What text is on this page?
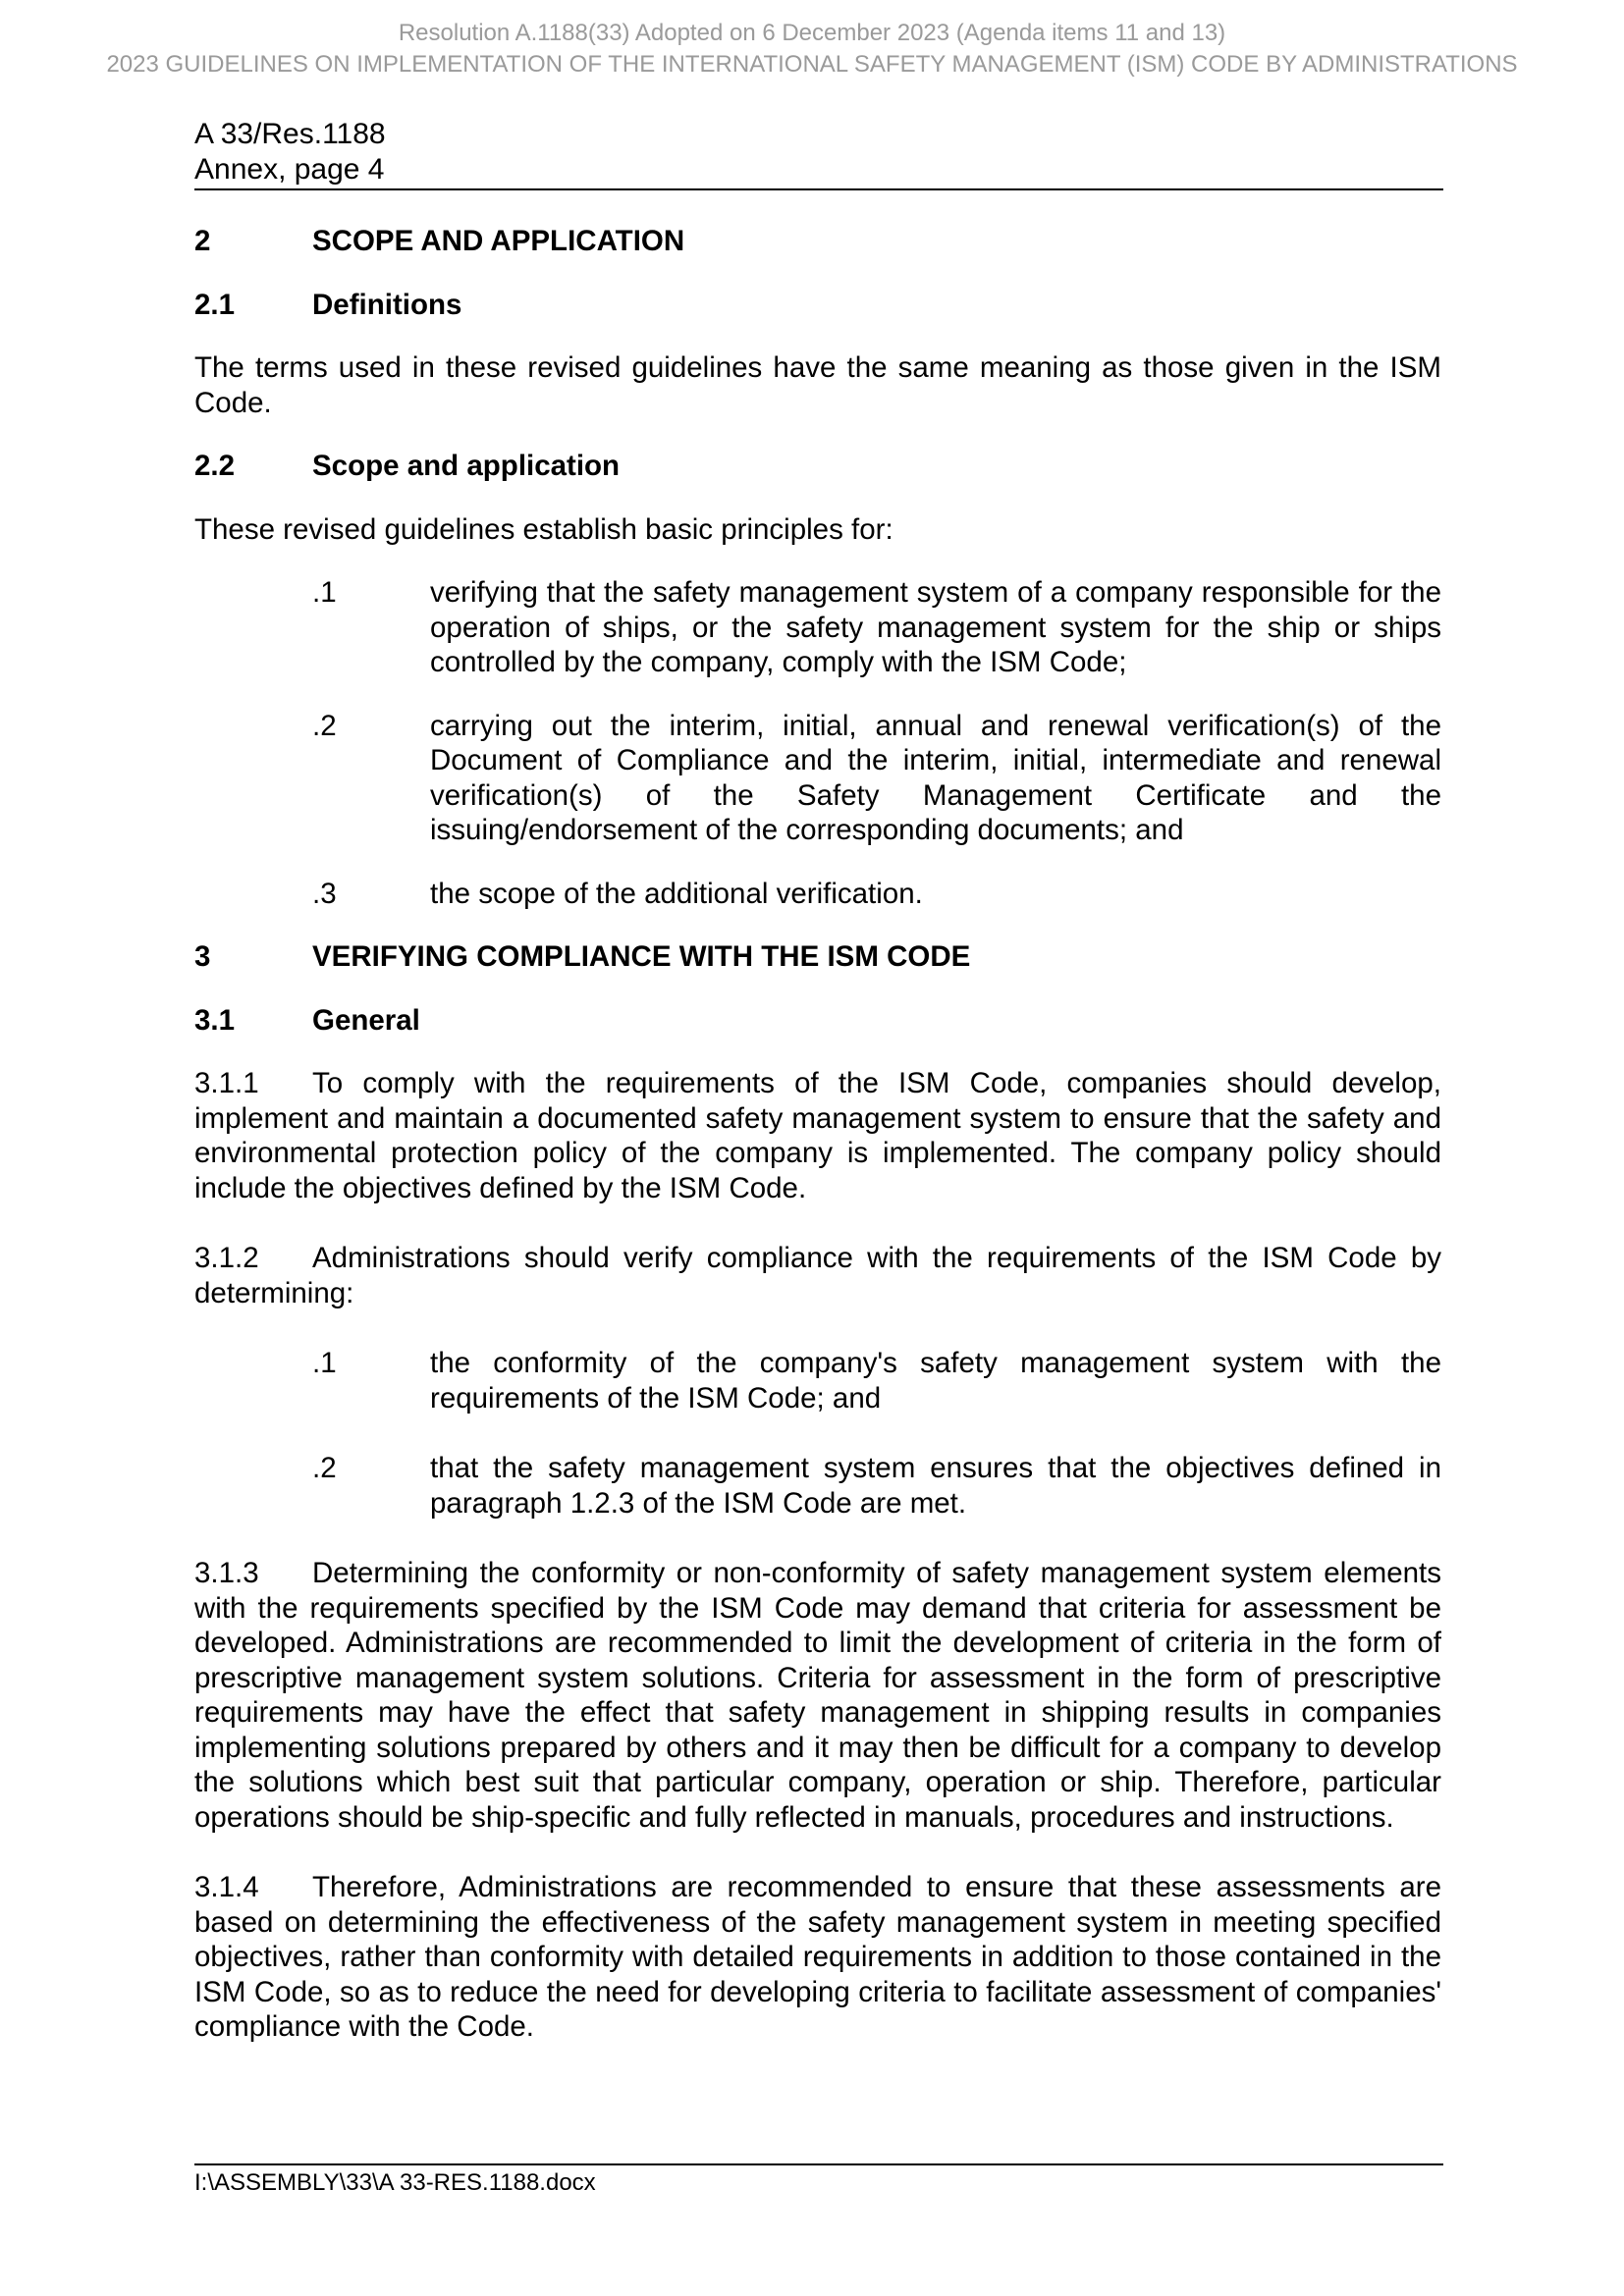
Resolution A.1188(33) Adopted on 6 December 2023 (Agenda items 11 and 13)
2023 GUIDELINES ON IMPLEMENTATION OF THE INTERNATIONAL SAFETY MANAGEMENT (ISM) CODE BY ADMINISTRATIONS
A 33/Res.1188
Annex, page 4
2	SCOPE AND APPLICATION
2.1	Definitions

The terms used in these revised guidelines have the same meaning as those given in the ISM Code.

2.2	Scope and application

These revised guidelines establish basic principles for:

.1	verifying that the safety management system of a company responsible for the operation of ships, or the safety management system for the ship or ships controlled by the company, comply with the ISM Code;
.2	carrying out the interim, initial, annual and renewal verification(s) of the Document of Compliance and the interim, initial, intermediate and renewal verification(s) of the Safety Management Certificate and the issuing/endorsement of the corresponding documents; and
.3	the scope of the additional verification.
3	VERIFYING COMPLIANCE WITH THE ISM CODE
3.1	General

3.1.1 To comply with the requirements of the ISM Code, companies should develop, implement and maintain a documented safety management system to ensure that the safety and environmental protection policy of the company is implemented. The company policy should include the objectives defined by the ISM Code.

3.1.2 Administrations should verify compliance with the requirements of the ISM Code by determining:

.1	the conformity of the company's safety management system with the requirements of the ISM Code; and
.2	that the safety management system ensures that the objectives defined in paragraph 1.2.3 of the ISM Code are met.

3.1.3 Determining the conformity or non-conformity of safety management system elements with the requirements specified by the ISM Code may demand that criteria for assessment be developed. Administrations are recommended to limit the development of criteria in the form of prescriptive management system solutions. Criteria for assessment in the form of prescriptive requirements may have the effect that safety management in shipping results in companies implementing solutions prepared by others and it may then be difficult for a company to develop the solutions which best suit that particular company, operation or ship. Therefore, particular operations should be ship-specific and fully reflected in manuals, procedures and instructions.

3.1.4 Therefore, Administrations are recommended to ensure that these assessments are based on determining the effectiveness of the safety management system in meeting specified objectives, rather than conformity with detailed requirements in addition to those contained in the ISM Code, so as to reduce the need for developing criteria to facilitate assessment of companies' compliance with the Code.

I:\ASSEMBLY\33\A 33-RES.1188.docx
